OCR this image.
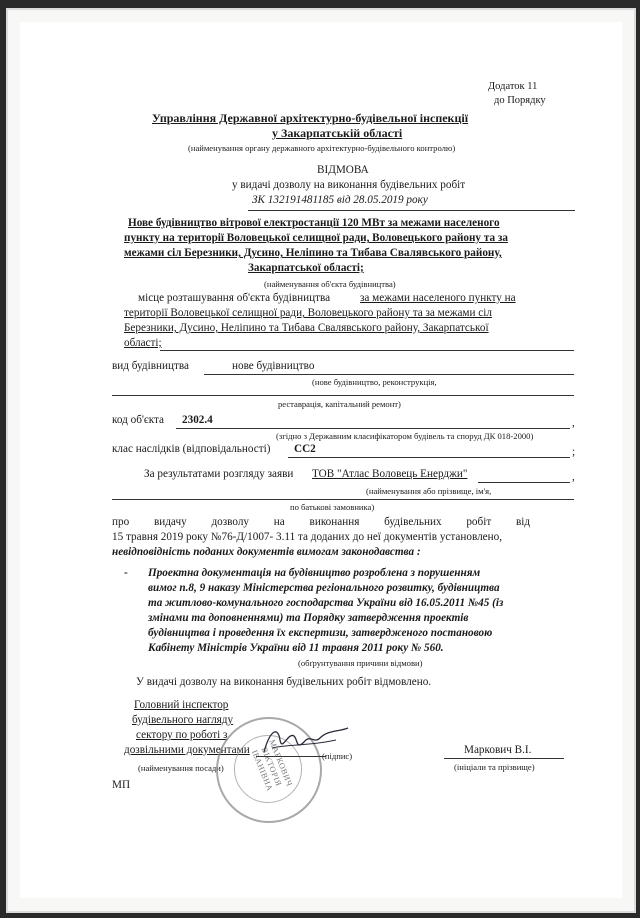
Додаток 11
до Порядку
Управління Державної архітектурно-будівельної інспекції
у Закарпатській області
(найменування органу державного архітектурно-будівельного контролю)
ВІДМОВА
у видачі дозволу на виконання будівельних робіт
ЗК 132191481185 від 28.05.2019 року
Нове будівництво вітрової електростанції 120 МВт за межами населеного
пункту на території Воловецької селищної ради, Воловецького району та за
межами сіл Березники, Дусино, Неліпино та Тибава Свалявського району,
Закарпатської області;
(найменування об'єкта будівництва)
місце розташування об'єкта будівництва	за межами населеного пункту на
території Воловецької селищної ради, Воловецького району та за межами сіл
Березники, Дусино, Неліпино та Тибава Свалявського району, Закарпатської
області;
вид будівництва	нове будівництво
(нове будівництво, реконструкція,
реставрація, капітальний ремонт)
код об'єкта 2302.4	,
(згідно з Державним класифікатором будівель та споруд ДК 018-2000)
клас наслідків (відповідальності) СС2	;
За результатами розгляду заяви ТОВ "Атлас Воловець Енерджи"	,
(найменування або прізвище, ім'я,
по батькові замовника)
про видачу дозволу на виконання будівельних робіт від
15 травня 2019 року №76-Д/1007- 3.11 та доданих до неї документів установлено,
невідповідність поданих документів вимогам законодавства :
- Проектна документація на будівництво розроблена з порушенням
вимог п.8, 9 наказу Міністерства регіонального розвитку, будівництва
та житлово-комунального господарства України від 16.05.2011 №45 (із
змінами та доповненнями) та Порядку затвердження проектів
будівництва і проведення їх експертизи, затвердженого постановою
Кабінету Міністрів України від 11 травня 2011 року № 560.
(обґрунтування причини відмови)
У видачі дозволу на виконання будівельних робіт відмовлено.
Головний інспектор
будівельного нагляду
сектору по роботі з
дозвільними документами
(найменування посади)	МАРКОВИЧ ВІКТОРІЯ ІВАНІВНА	(підпис)	Маркович В.І.
(ініціали та прізвище)
МП
